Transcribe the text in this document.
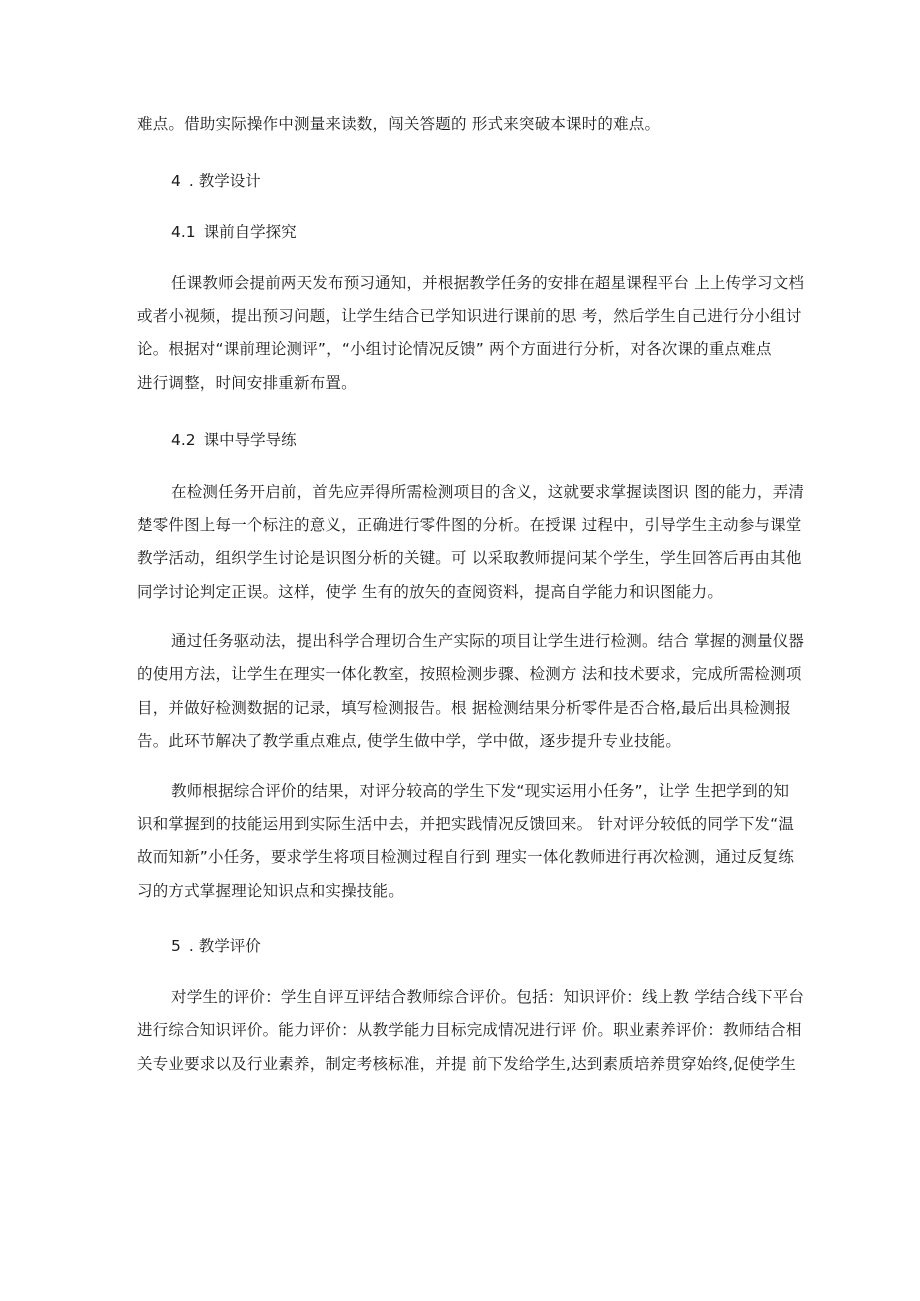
难点。借助实际操作中测量来读数，闯关答题的 形式来突破本课时的难点。
4 . 教学设计
4.1 课前自学探究
任课教师会提前两天发布预习通知，并根据教学任务的安排在超星课程平台 上上传学习文档
或者小视频，提出预习问题，让学生结合已学知识进行课前的思 考，然后学生自己进行分小组讨
论。根据对“课前理论测评”，“小组讨论情况反馈” 两个方面进行分析，对各次课的重点难点
进行调整，时间安排重新布置。
4.2 课中导学导练
在检测任务开启前，首先应弄得所需检测项目的含义，这就要求掌握读图识 图的能力，弄清
楚零件图上每一个标注的意义，正确进行零件图的分析。在授课 过程中，引导学生主动参与课堂
教学活动，组织学生讨论是识图分析的关键。可 以采取教师提问某个学生，学生回答后再由其他
同学讨论判定正误。这样，使学 生有的放矢的查阅资料，提高自学能力和识图能力。
通过任务驱动法，提出科学合理切合生产实际的项目让学生进行检测。结合 掌握的测量仪器
的使用方法，让学生在理实一体化教室，按照检测步骤、检测方 法和技术要求，完成所需检测项
目，并做好检测数据的记录，填写检测报告。根 据检测结果分析零件是否合格,最后出具检测报
告。此环节解决了教学重点难点, 使学生做中学，学中做，逐步提升专业技能。
教师根据综合评价的结果，对评分较高的学生下发“现实运用小任务”，让学 生把学到的知
识和掌握到的技能运用到实际生活中去，并把实践情况反馈回来。 针对评分较低的同学下发“温
故而知新”小任务，要求学生将项目检测过程自行到 理实一体化教师进行再次检测，通过反复练
习的方式掌握理论知识点和实操技能。
5 . 教学评价
对学生的评价：学生自评互评结合教师综合评价。包括：知识评价：线上教 学结合线下平台
进行综合知识评价。能力评价：从教学能力目标完成情况进行评 价。职业素养评价：教师结合相
关专业要求以及行业素养，制定考核标准，并提 前下发给学生,达到素质培养贯穿始终,促使学生
